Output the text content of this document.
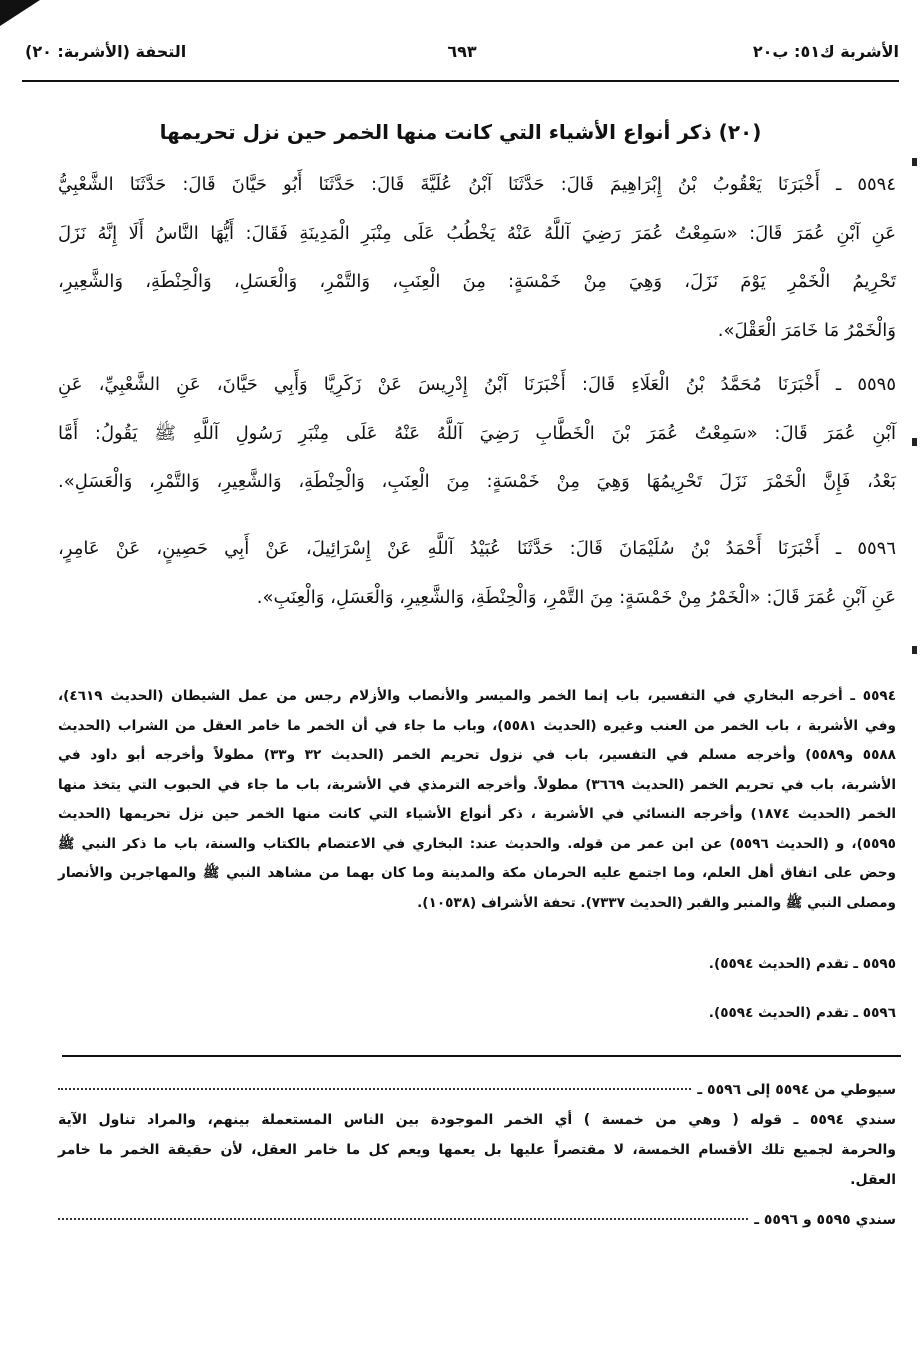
الأشربة ك٥١: ب٢٠
٦٩٣
التحفة (الأشربة: ٢٠)
(٢٠) ذكر أنواع الأشياء التي كانت منها الخمر حين نزل تحريمها
٥٥٩٤ ـ أَخْبَرَنَا يَعْقُوبُ بْنُ إِبْرَاهِيمَ قَالَ: حَدَّثَنَا آبْنُ عُلَيَّةَ قَالَ: حَدَّثَنَا أَبُو حَيَّانَ قَالَ: حَدَّثَنَا الشَّعْبِيُّ
عَنِ آبْنِ عُمَرَ قَالَ: «سَمِعْتُ عُمَرَ رَضِيَ آللَّهُ عَنْهُ يَخْطُبُ عَلَى مِنْبَرِ الْمَدِينَةِ فَقَالَ: أَيُّهَا النَّاسُ أَلَا إِنَّهُ نَزَلَ
تَحْرِيمُ الْخَمْرِ يَوْمَ نَزَلَ، وَهِيَ مِنْ خَمْسَةٍ: مِنَ الْعِنَبِ، وَالتَّمْرِ، وَالْعَسَلِ، وَالْحِنْطَةِ، وَالشَّعِيرِ،
وَالْخَمْرُ مَا خَامَرَ الْعَقْلَ».
٥٥٩٥ ـ أَخْبَرَنَا مُحَمَّدُ بْنُ الْعَلَاءِ قَالَ: أَخْبَرَنَا آبْنُ إِدْرِيسَ عَنْ زَكَرِيَّا وَأَبِي حَيَّانَ، عَنِ الشَّعْبِيِّ، عَنِ
آبْنِ عُمَرَ قَالَ: «سَمِعْتُ عُمَرَ بْنَ الْخَطَّابِ رَضِيَ آللَّهُ عَنْهُ عَلَى مِنْبَرِ رَسُولِ آللَّهِ ﷺ يَقُولُ: أَمَّا
بَعْدُ، فَإِنَّ الْخَمْرَ نَزَلَ تَحْرِيمُهَا وَهِيَ مِنْ خَمْسَةٍ: مِنَ الْعِنَبِ، وَالْحِنْطَةِ، وَالشَّعِيرِ، وَالتَّمْرِ، وَالْعَسَلِ».
٥٥٩٦ ـ أَخْبَرَنَا أَحْمَدُ بْنُ سُلَيْمَانَ قَالَ: حَدَّثَنَا عُبَيْدُ آللَّهِ عَنْ إِسْرَائِيلَ، عَنْ أَبِي حَصِينٍ، عَنْ عَامِرٍ،
عَنِ آبْنِ عُمَرَ قَالَ: «الْخَمْرُ مِنْ خَمْسَةٍ: مِنَ التَّمْرِ، وَالْحِنْطَةِ، وَالشَّعِيرِ، وَالْعَسَلِ، وَالْعِنَبِ».
٥٥٩٤ ـ أخرجه البخاري في التفسير، باب إنما الخمر والميسر والأنصاب والأزلام رجس من عمل الشيطان (الحديث ٤٦١٩)،
وفي الأشربة ، باب الخمر من العنب وغيره (الحديث ٥٥٨١)، وباب ما جاء في أن الخمر ما خامر العقل من الشراب (الحديث
٥٥٨٨ و٥٥٨٩) وأخرجه مسلم في التفسير، باب في نزول تحريم الخمر (الحديث ٣٢ و٣٣) مطولاً وأخرجه أبو داود في
الأشربة، باب في تحريم الخمر (الحديث ٣٦٦٩) مطولاً. وأخرجه الترمذي في الأشربة، باب ما جاء في الحبوب التي يتخذ منها
الخمر (الحديث ١٨٧٤) وأخرجه النسائي في الأشربة ، ذكر أنواع الأشياء التي كانت منها الخمر حين نزل تحريمها (الحديث
٥٥٩٥)، و (الحديث ٥٥٩٦) عن ابن عمر من قوله. والحديث عند: البخاري في الاعتصام بالكتاب والسنة، باب ما ذكر النبي ﷺ
وحض على اتفاق أهل العلم، وما اجتمع عليه الحرمان مكة والمدينة وما كان بهما من مشاهد النبي ﷺ والمهاجرين والأنصار
ومصلى النبي ﷺ والمنبر والقبر (الحديث ٧٣٣٧). تحفة الأشراف (١٠٥٣٨).
٥٥٩٥ ـ تقدم (الحديث ٥٥٩٤).
٥٥٩٦ ـ تقدم (الحديث ٥٥٩٤).
سيوطي من ٥٥٩٤ إلى ٥٥٩٦ ـ
سندي ٥٥٩٤ ـ قوله ( وهي من خمسة ) أي الخمر الموجودة بين الناس المستعملة بينهم، والمراد تناول الآية
والحرمة لجميع تلك الأقسام الخمسة، لا مقتصراً عليها بل يعمها ويعم كل ما خامر العقل، لأن حقيقة الخمر ما خامر
العقل.
سندي ٥٥٩٥ و ٥٥٩٦ ـ
